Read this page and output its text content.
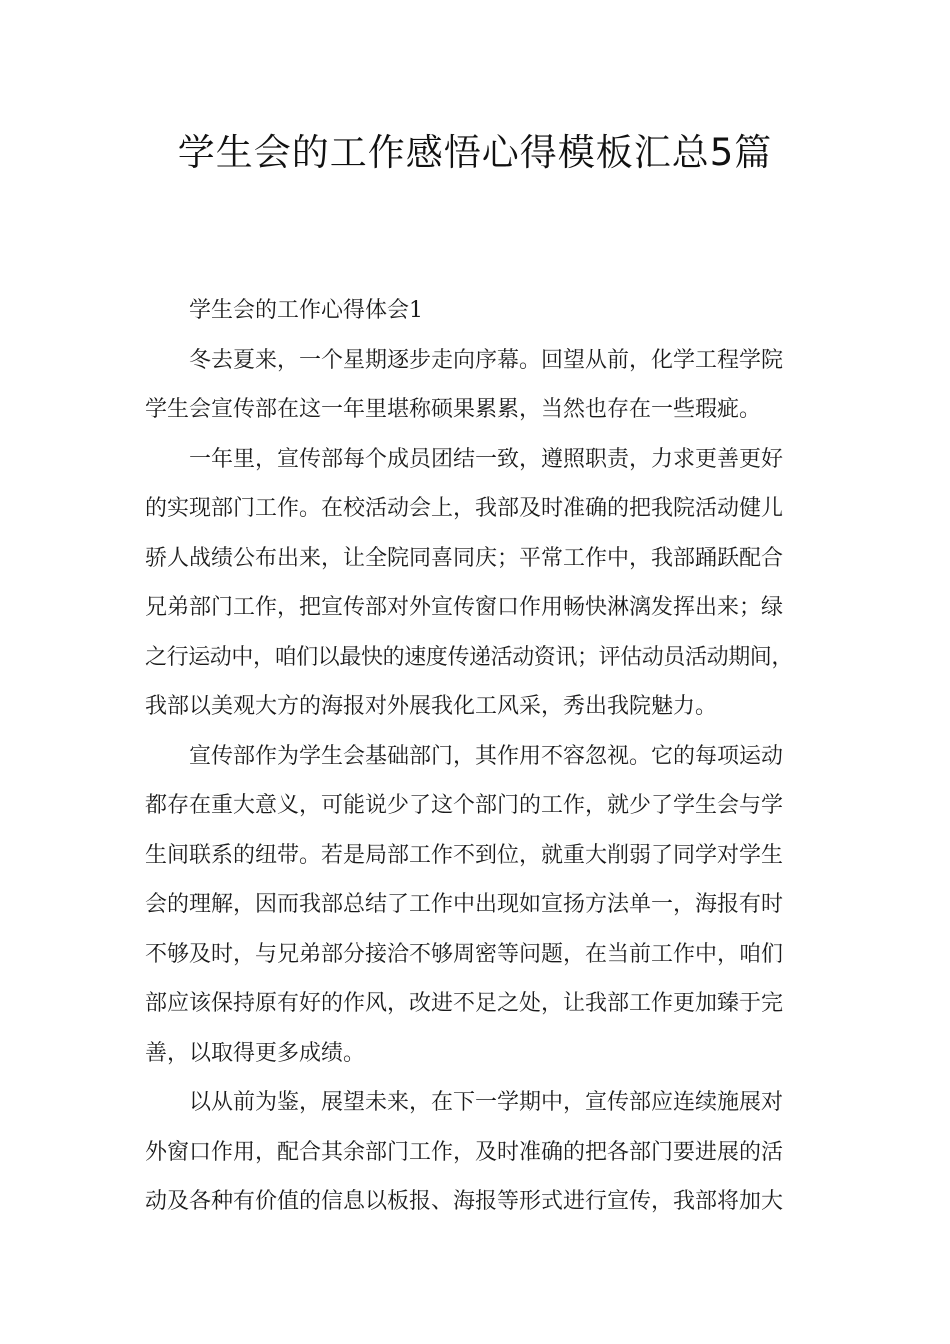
学生会的工作感悟心得模板汇总5篇
学生会的工作心得体会1
冬去夏来，一个星期逐步走向序幕。回望从前，化学工程学院
学生会宣传部在这一年里堪称硕果累累，当然也存在一些瑕疵。
一年里，宣传部每个成员团结一致，遵照职责，力求更善更好
的实现部门工作。在校活动会上，我部及时准确的把我院活动健儿
骄人战绩公布出来，让全院同喜同庆；平常工作中，我部踊跃配合
兄弟部门工作，把宣传部对外宣传窗口作用畅快淋漓发挥出来；绿
之行运动中，咱们以最快的速度传递活动资讯；评估动员活动期间，
我部以美观大方的海报对外展我化工风采，秀出我院魅力。
宣传部作为学生会基础部门，其作用不容忽视。它的每项运动
都存在重大意义，可能说少了这个部门的工作，就少了学生会与学
生间联系的纽带。若是局部工作不到位，就重大削弱了同学对学生
会的理解，因而我部总结了工作中出现如宣扬方法单一，海报有时
不够及时，与兄弟部分接洽不够周密等问题，在当前工作中，咱们
部应该保持原有好的作风，改进不足之处，让我部工作更加臻于完
善，以取得更多成绩。
以从前为鉴，展望未来，在下一学期中，宣传部应连续施展对
外窗口作用，配合其余部门工作，及时准确的把各部门要进展的活
动及各种有价值的信息以板报、海报等形式进行宣传，我部将加大
